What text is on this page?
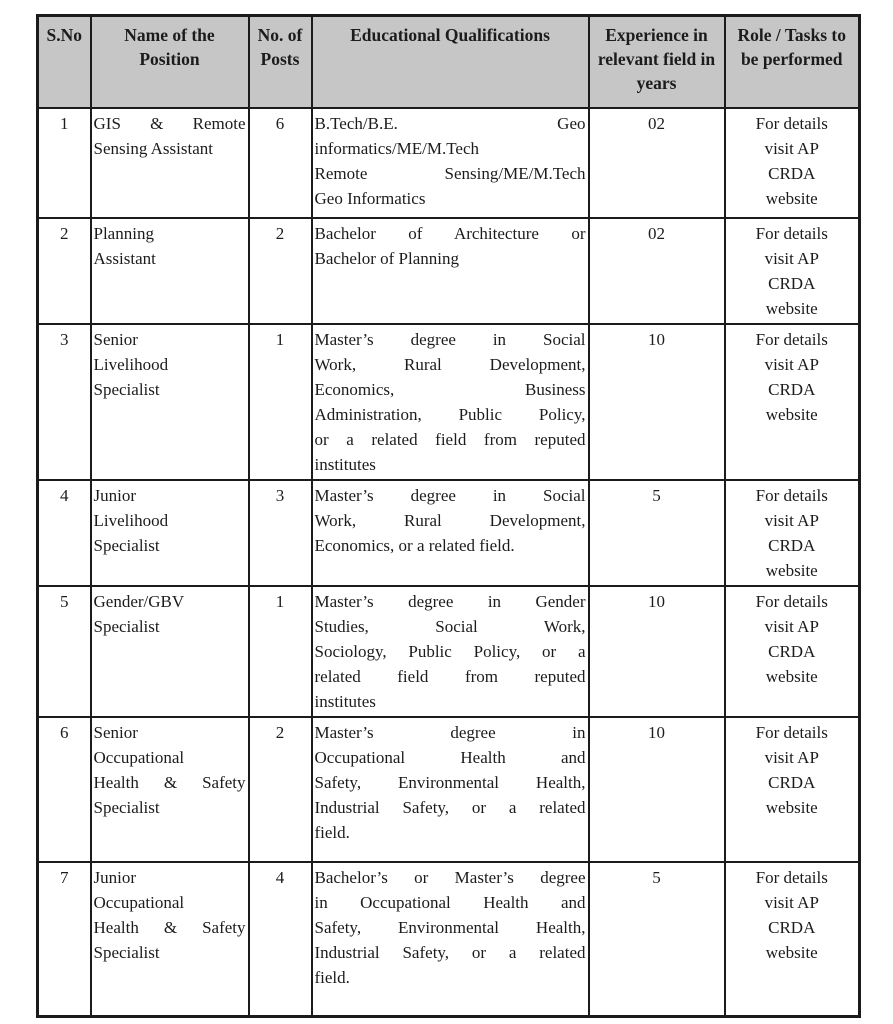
S.No	Name of the Position	No. of Posts	Educational Qualifications	Experience in relevant field in years	Role / Tasks to be performed
1	GIS & Remote
Sensing Assistant
	6	B.Tech/B.E. Geo
informatics/ME/M.Tech
Remote Sensing/ME/M.Tech
Geo Informatics
	02	For details
visit AP
CRDA
website

2	Planning
Assistant
	2	Bachelor of Architecture or
Bachelor of Planning
	02	For details
visit AP
CRDA
website

3	Senior
Livelihood
Specialist
	1	Master’s degree in Social
Work, Rural Development,
Economics, Business
Administration, Public Policy,
or a related field from reputed
institutes
	10	For details
visit AP
CRDA
website

4	Junior
Livelihood
Specialist
	3	Master’s degree in Social
Work, Rural Development,
Economics, or a related field.
	5	For details
visit AP
CRDA
website

5	Gender/GBV
Specialist
	1	Master’s degree in Gender
Studies, Social Work,
Sociology, Public Policy, or a
related field from reputed
institutes
	10	For details
visit AP
CRDA
website

6	Senior
Occupational
Health & Safety
Specialist
	2	Master’s degree in
Occupational Health and
Safety, Environmental Health,
Industrial Safety, or a related
field.
	10	For details
visit AP
CRDA
website

7	Junior
Occupational
Health & Safety
Specialist
	4	Bachelor’s or Master’s degree
in Occupational Health and
Safety, Environmental Health,
Industrial Safety, or a related
field.
	5	For details
visit AP
CRDA
website
